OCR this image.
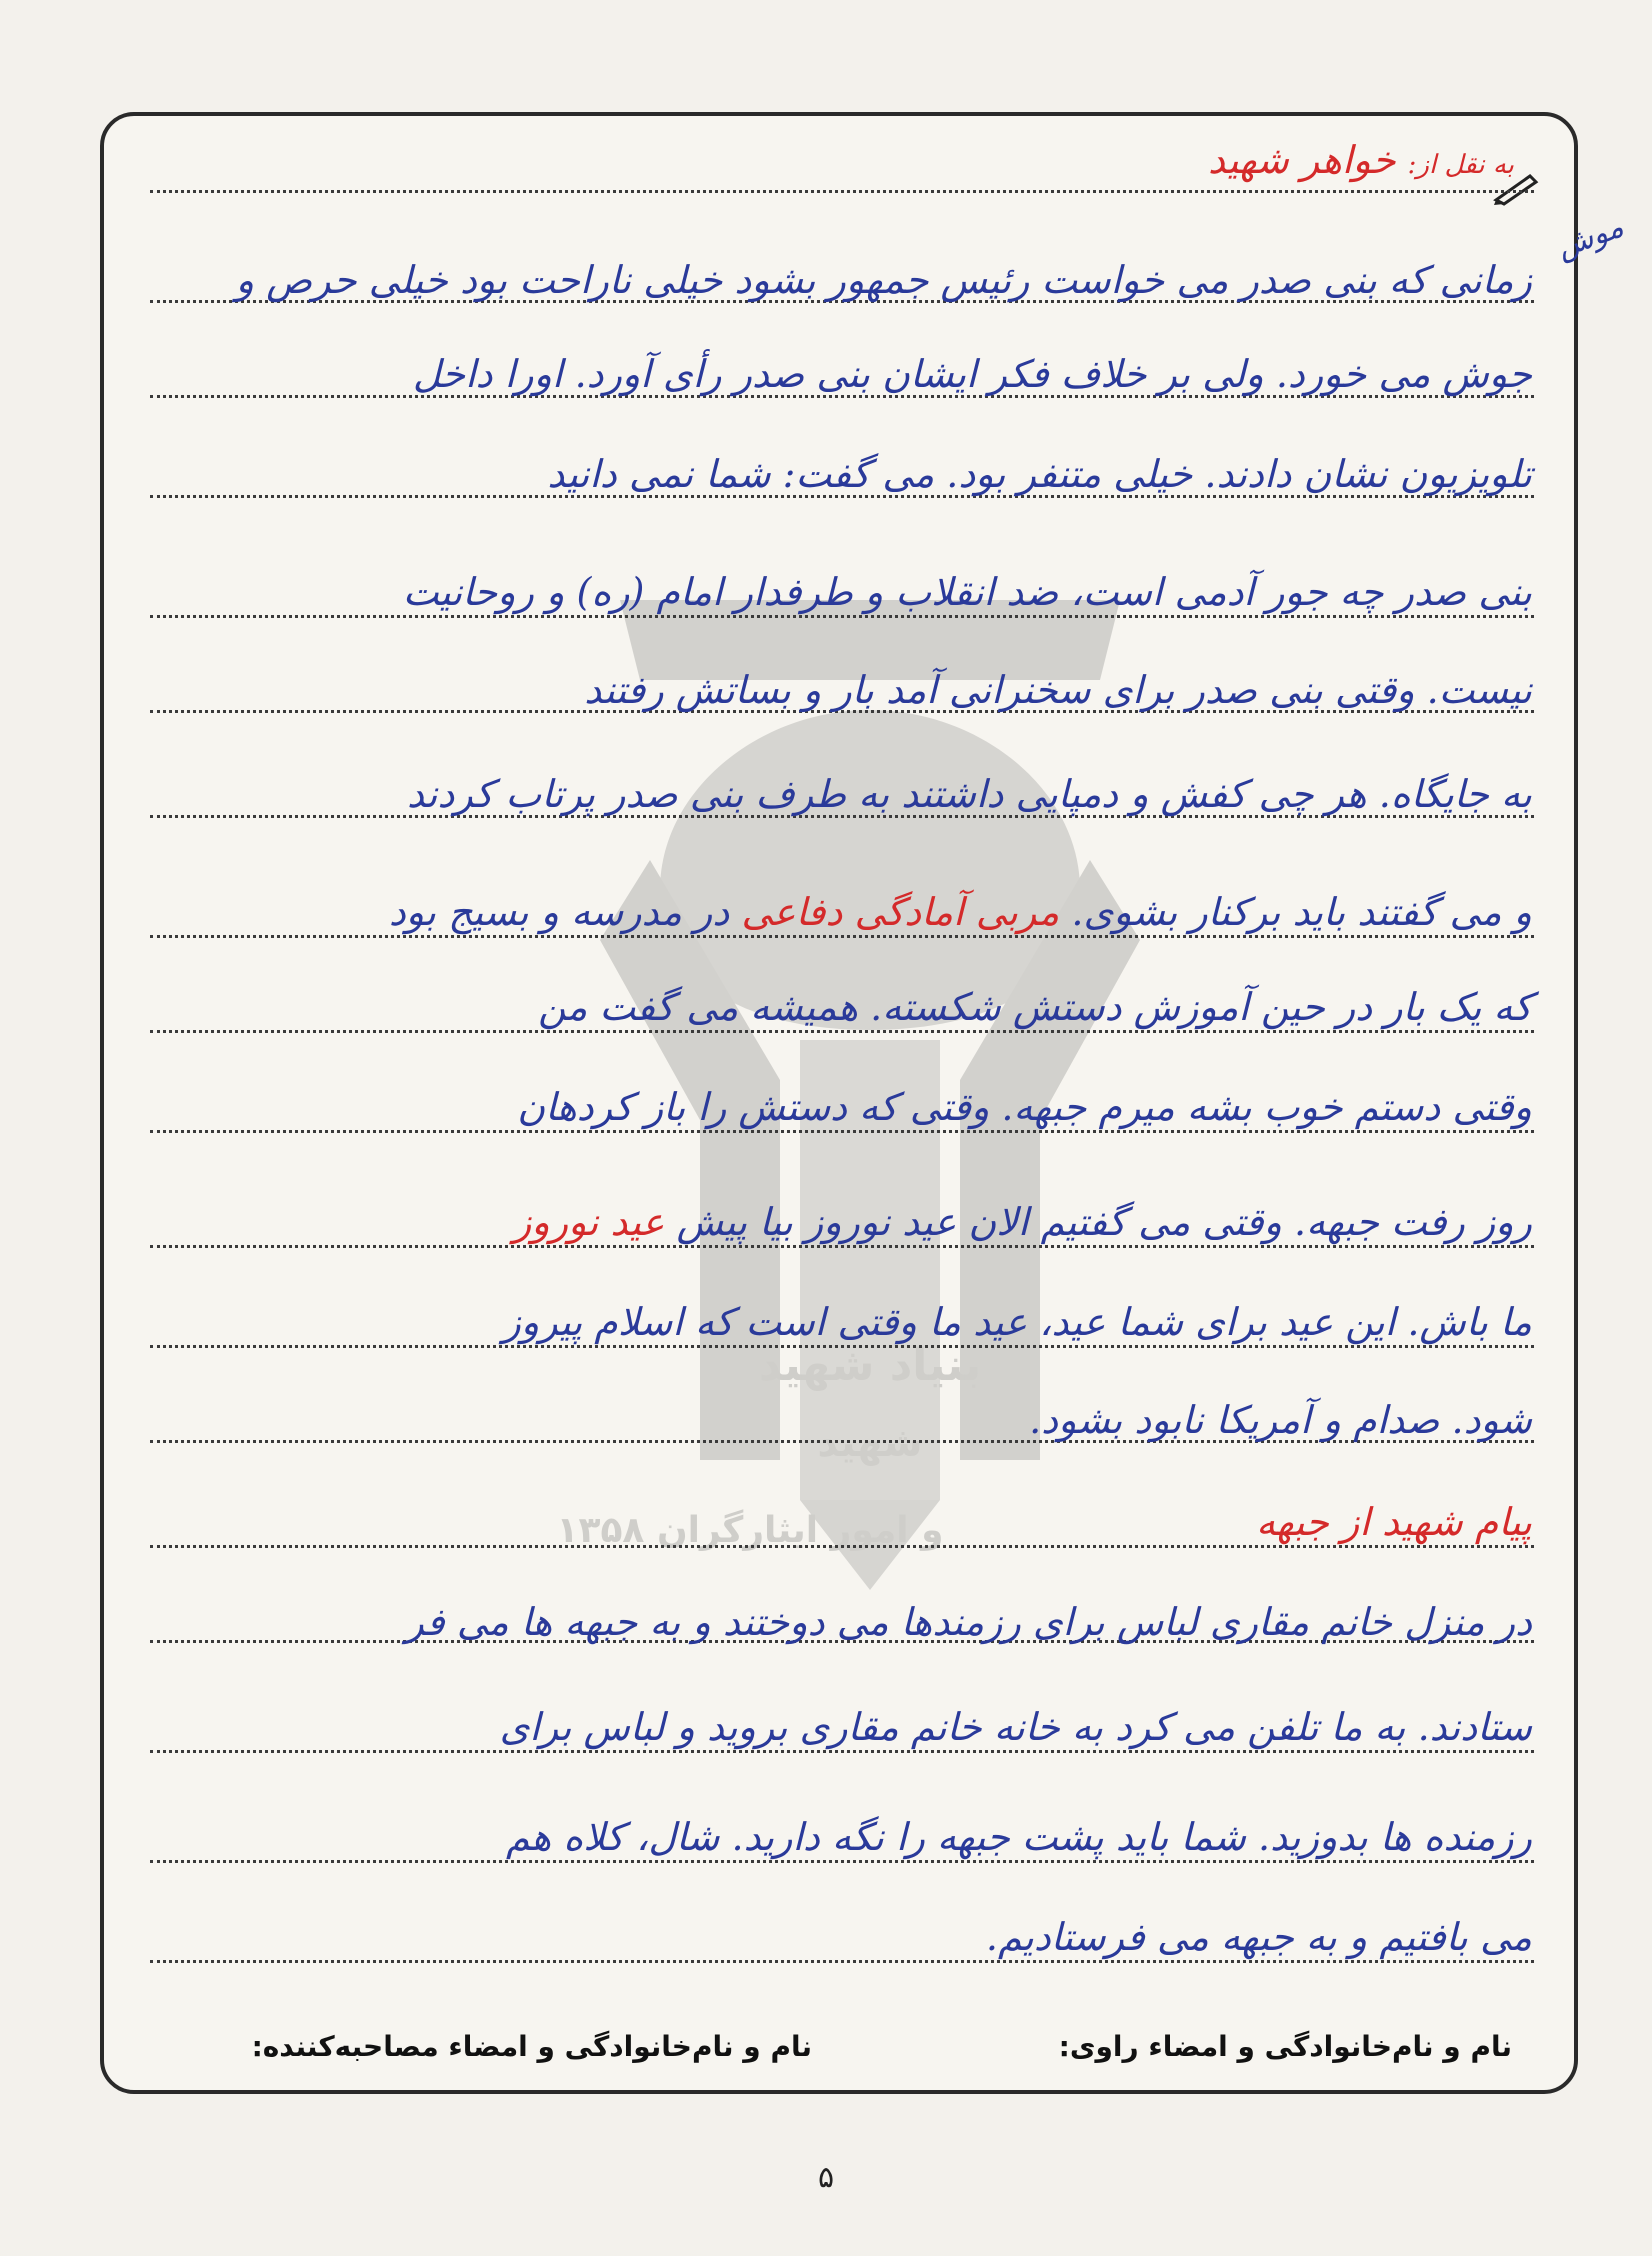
بنیاد شهید
شهید
۱۳۵۸ و امور ایثارگران
به نقل از: خواهر شهید
موش
زمانی که بنی صدر می خواست رئیس جمهور بشود خیلی ناراحت بود خیلی حرص و
جوش می خورد. ولی بر خلاف فکر ایشان بنی صدر رأی آورد. اورا داخل
تلویزیون نشان دادند. خیلی متنفر بود. می گفت: شما نمی دانید
بنی صدر چه جور آدمی است، ضد انقلاب و طرفدار امام (ره) و روحانیت
نیست. وقتی بنی صدر برای سخنرانی آمد بار و بساتش رفتند
به جایگاه. هر چی کفش و دمپایی داشتند به طرف بنی صدر پرتاب کردند
و می گفتند باید برکنار بشوی. مربی آمادگی دفاعی در مدرسه و بسیج بود
که یک بار در حین آموزش دستش شکسته. همیشه می گفت من
وقتی دستم خوب بشه میرم جبهه. وقتی که دستش را باز کردهان
روز رفت جبهه. وقتی می گفتیم الان عید نوروز بیا پیش عید نوروز
ما باش. این عید برای شما عید، عید ما وقتی است که اسلام پیروز
شود. صدام و آمریکا نابود بشود.
پیام شهید از جبهه
در منزل خانم مقاری لباس برای رزمندها می دوختند و به جبهه ها می فر
ستادند. به ما تلفن می کرد به خانه خانم مقاری بروید و لباس برای
رزمنده ها بدوزید. شما باید پشت جبهه را نگه دارید. شال، کلاه هم
می بافتیم و به جبهه می فرستادیم.
نام و نام‌خانوادگی و امضاء مصاحبه‌کننده:	نام و نام‌خانوادگی و امضاء راوی:
۵
